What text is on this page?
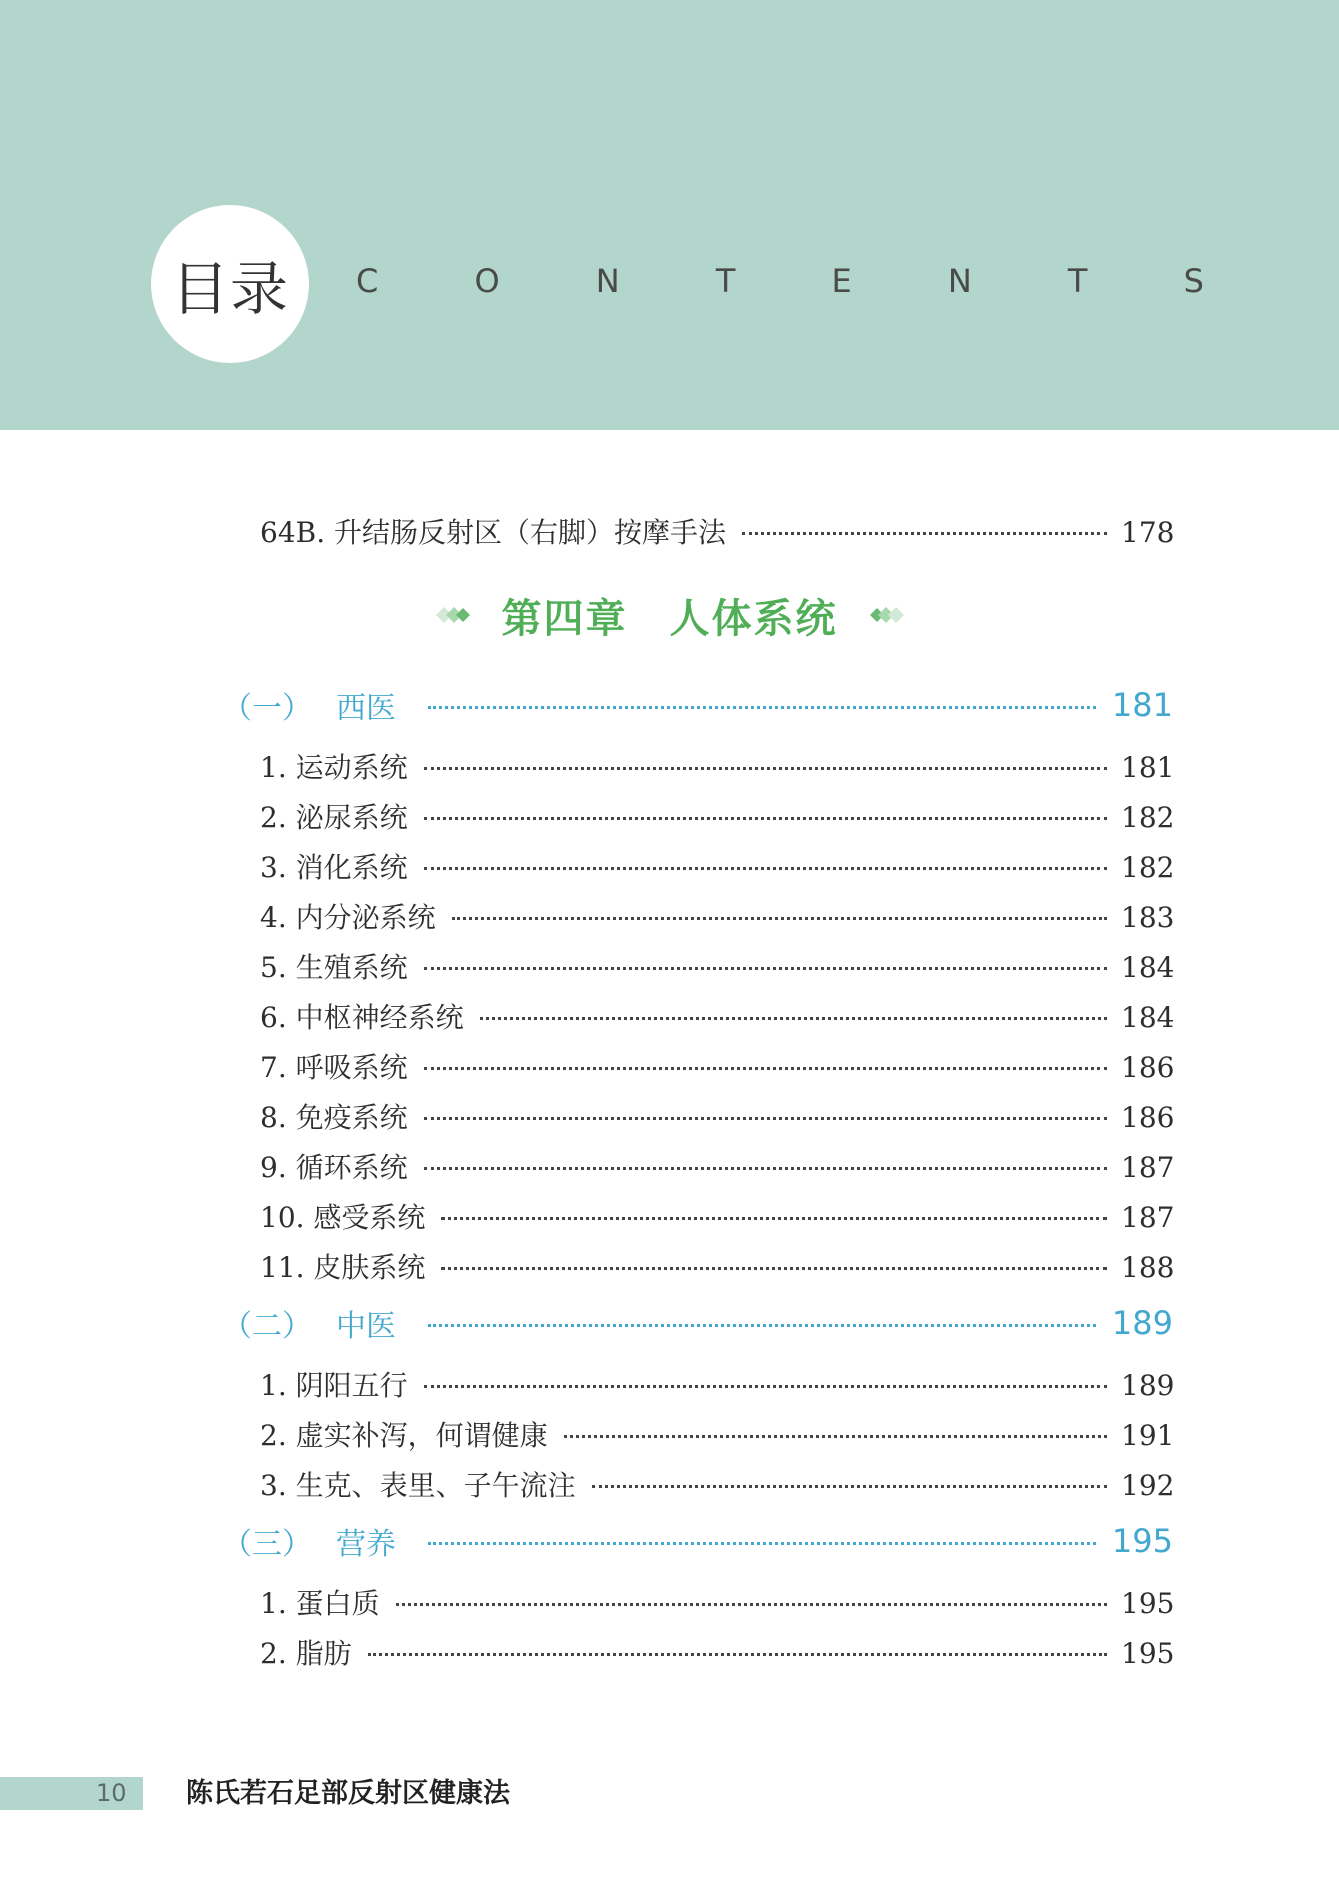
目录 C	O	N	T	E	N	T	S
64B. 升结肠反射区（右脚）按摩手法	178
第四章 人体系统
（一） 西医	181
1. 运动系统	181
2. 泌尿系统	182
3. 消化系统	182
4. 内分泌系统	183
5. 生殖系统	184
6. 中枢神经系统	184
7. 呼吸系统	186
8. 免疫系统	186
9. 循环系统	187
10. 感受系统	187
11. 皮肤系统	188
（二） 中医	189
1. 阴阳五行	189
2. 虚实补泻，何谓健康	191
3. 生克、表里、子午流注	192
（三） 营养	195
1. 蛋白质	195
2. 脂肪	195
10 陈氏若石足部反射区健康法
